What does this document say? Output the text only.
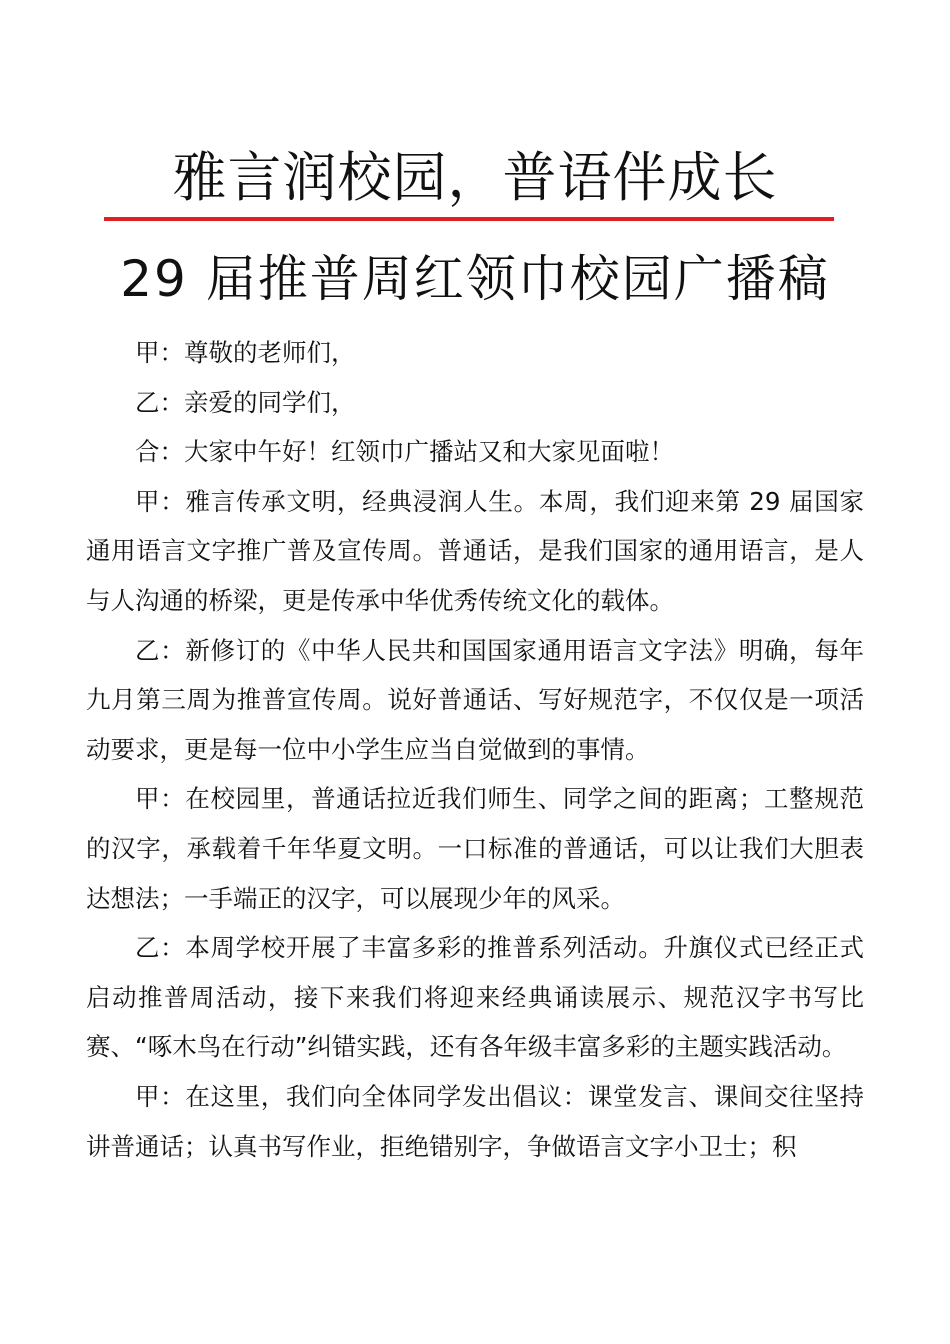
雅言润校园，普语伴成长
29 届推普周红领巾校园广播稿

甲：尊敬的老师们，

乙：亲爱的同学们，

合：大家中午好！红领巾广播站又和大家见面啦！

甲：雅言传承文明，经典浸润人生。本周，我们迎来第 29 届国家通用语言文字推广普及宣传周。普通话，是我们国家的通用语言，是人与人沟通的桥梁，更是传承中华优秀传统文化的载体。

乙：新修订的《中华人民共和国国家通用语言文字法》明确，每年九月第三周为推普宣传周。说好普通话、写好规范字，不仅仅是一项活动要求，更是每一位中小学生应当自觉做到的事情。

甲：在校园里，普通话拉近我们师生、同学之间的距离；工整规范的汉字，承载着千年华夏文明。一口标准的普通话，可以让我们大胆表达想法；一手端正的汉字，可以展现少年的风采。

乙：本周学校开展了丰富多彩的推普系列活动。升旗仪式已经正式启动推普周活动，接下来我们将迎来经典诵读展示、规范汉字书写比赛、“啄木鸟在行动”纠错实践，还有各年级丰富多彩的主题实践活动。

甲：在这里，我们向全体同学发出倡议：课堂发言、课间交往坚持讲普通话；认真书写作业，拒绝错别字，争做语言文字小卫士；积
